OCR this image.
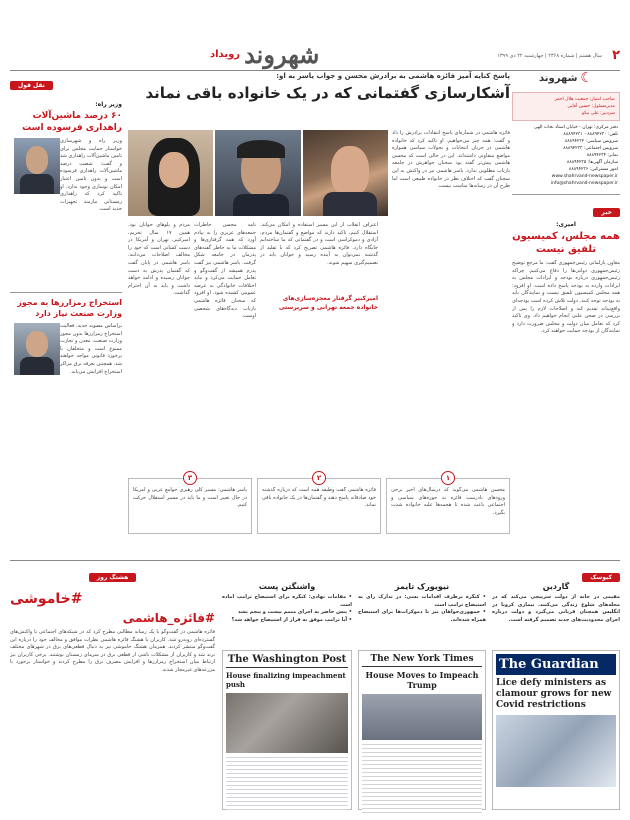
۲
سال هشتم | شماره ۲۳۶۸ | چهارشنبه ۲۲ دی ۱۳۹۹
شهروند
رویداد
☾
شهروند
صاحب امتیاز: جمعیت هلال احمر
مدیرمسئول: حسین آقایی
سردبیر: علی نیکو
دفتر مرکزی: تهران - خیابان استاد نجات الهی
تلفن: ۸۸۸۹۴۲۳۰ - ۸۸۸۹۴۲۳۱
سرویس سیاسی: ۸۸۸۹۴۲۳۲
سرویس اجتماعی: ۸۸۸۹۴۲۳۳
نمابر: ۸۸۸۹۴۲۳۴
سازمان آگهی‌ها: ۸۸۸۹۴۲۳۵
امور مشترکین: ۸۸۸۹۴۲۳۶
www.shahrvand-newspaper.ir
info@shahrvand-newspaper.ir
خبر
امیری:
همه مجلس، کمیسیون تلفیق نیست
معاون پارلمانی رئیس‌جمهوری گفت: ما مرجع توضیح رئیس‌جمهوری دولتی‌ها را دفاع می‌کنیم. چراکه رئیس‌جمهوری درباره بودجه و ایرادات مجلس به ایرادات وارده به بودجه پاسخ داده است. او افزود: همه مجلس کمیسیون تلفیق نیست و نمایندگان باید به بودجه توجه کنند. دولت تلاش کرده است بودجه‌ای واقع‌بینانه تقدیم کند و اصلاحات لازم را پس از بررسی در صحن علنی انجام خواهیم داد. وی تاکید کرد که تعامل میان دولت و مجلس ضرورت دارد و نمایندگان از بودجه حمایت خواهند کرد.
پاسخ کنایه آمیز فائزه هاشمی به برادرش محسن و جواب یاسر به او:
آشکارسازی گفتمانی که در یک خانواده باقی نماند
فائزه هاشمی در شماره‌ای پاسخ انتقادات برادرش را داد و گفت: همه چیز می‌خواهیم. او تاکید کرد که خانواده هاشمی در جریان انتخابات و تحولات سیاسی همواره مواضع متفاوتی داشته‌اند. این در حالی است که محسن هاشمی پیش‌تر گفته بود سخنان خواهرش در جامعه بازتاب مطلوبی ندارد. یاسر هاشمی نیز در واکنش به این سخنان گفت که اختلاف نظر در خانواده طبیعی است اما طرح آن در رسانه‌ها مناسب نیست.
اعتراف انقلاب از این مسیر استفاده و امکان می‌کند. استقلال کنیم، تاکید دارند که مواضع و گفتمان‌ها مردم، آزادی و دموکراسی است و در گفتمانی که ما ساخته‌ایم جایگاه دارد. فائزه هاشمی تصریح کرد که با تقلید از گذشته نمی‌توان به آینده رسید و جوانان باید در تصمیم‌گیری سهیم شوند.
امیرکبیر گرفتار معجزه‌سازی‌های خانواده جمعه تهرانی و سرپرستی
نامه محسن خاطرات جمعه‌های عزیزی را به بیادم آورد که همه گرفتاری‌ها و مشکلات ما به خاطر گفته‌های پدرمان در جامعه شکل گرفت. یاسر هاشمی نیز گفت پدرم همیشه از گفت‌وگو و تعامل حمایت می‌کرد و نباید اختلافات خانوادگی به عرصه عمومی کشیده شود. او افزود که سخنان فائزه هاشمی بازتاب دیدگاه‌های شخصی اوست.
مردم و پلوهای جوانان بود. همین ۱۷ سال تحریم، امیرکبیر، تهران و آمریکا در دست کسانی است که خود را مخالف اصلاحات می‌دانند. یاسر هاشمی در پایان گفت که گفتمان پدرش به دست جوانان رسیده و ادامه خواهد داشت و باید به آن احترام گذاشت.
۱
محسن هاشمی می‌گوید که درسال‌های اخیر برخی ورودهای نادرست فائزه به حوزه‌های سیاسی و اجتماعی باعث شده تا هجمه‌ها علیه خانواده شدت بگیرد.
۲
فائزه هاشمی گفت وظیفه همه است که درباره گذشته خود صادقانه پاسخ دهند و گفتمان‌ها در یک خانواده باقی نماند.
۳
یاسر هاشمی: مسیر کلی رهبری جوامع عربی و آمریکا در حال تغییر است و ما باید در مسیر استقلال حرکت کنیم.
نقل قول
وزیر راه:
۶۰ درصد ماشین‌آلات راهداری فرسوده است
وزیر راه و شهرسازی خواستار حمایت مجلس برای تامین ماشین‌آلات راهداری شد و گفت: شصت درصد ماشین‌آلات راهداری فرسوده است و بدون تامین اعتبار امکان نوسازی وجود ندارد. او تاکید کرد که راهداری زمستانی نیازمند تجهیزات جدید است.
استخراج رمزارزها به مجوز وزارت صنعت نیاز دارد
براساس مصوبه جدید، فعالیت استخراج رمزارزها بدون مجوز وزارت صنعت، معدن و تجارت ممنوع است و متخلفان با برخورد قانونی مواجه خواهند شد. همچنین تعرفه برق مراکز استخراج افزایش می‌یابد.
هشتگ روز
#خاموشی
#فائزه_هاشمی
فائزه هاشمی در گفت‌وگو با یک رسانه مطالبی مطرح کرد که در شبکه‌های اجتماعی با واکنش‌های گسترده‌ای روبه‌رو شد. کاربران با هشتگ فائزه هاشمی نظرات موافق و مخالف خود را درباره این گفت‌وگو منتشر کردند. همزمان هشتگ خاموشی نیز به دنبال قطعی‌های برق در شهرهای مختلف ترند شد و کاربران از مشکلات ناشی از قطعی برق در سرمای زمستان نوشتند. برخی کاربران نیز ارتباط میان استخراج رمزارزها و افزایش مصرف برق را مطرح کردند و خواستار برخورد با مزرعه‌های غیرمجاز شدند.
کیوسک
گاردین
مقیمی در خانه از دولت سرپیچی می‌کند که در محله‌های شلوغ زندگی می‌کنند. بیماری کرونا در انگلیس همچنان قربانی می‌گیرد و دولت درباره اجرای محدودیت‌های جدید تصمیم گرفته است.
The Guardian
Lice defy ministers as clamour grows for new Covid restrictions
نیویورک تایمز
• کنگره برطرف اقدامات بسی: در تدارک رأی به استیضاح ترامپ است
• جمهوری‌خواهان نیز با دموکرات‌ها برای استیضاح همراه شده‌اند.
The New York Times
House Moves to Impeach Trump
واشنگتن پست
• مقامات نهادی: کنگره برای استیضاح ترامپ آماده است
• پنس حاضر به اجرای متمم بیست و پنجم نشد
• آیا ترامپ موفق به فرار از استیضاح خواهد شد؟
The Washington Post
House finalizing impeachment push
